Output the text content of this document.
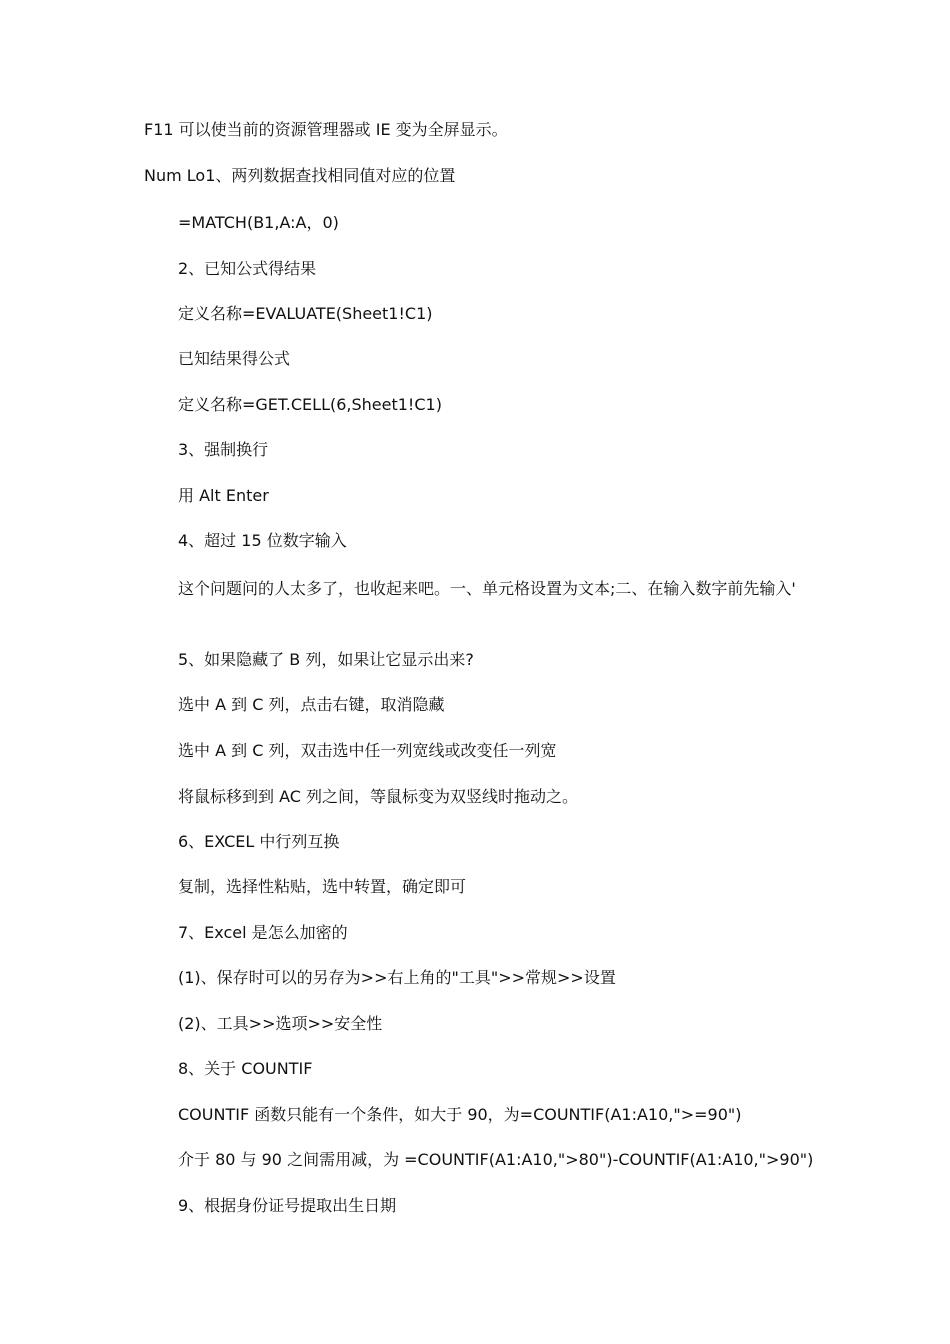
F11 可以使当前的资源管理器或 IE 变为全屏显示。

Num Lo1、两列数据查找相同值对应的位置

=MATCH(B1,A:A，0)

2、已知公式得结果

定义名称=EVALUATE(Sheet1!C1)

已知结果得公式

定义名称=GET.CELL(6,Sheet1!C1)

3、强制换行

用 Alt Enter

4、超过 15 位数字输入

这个问题问的人太多了，也收起来吧。一、单元格设置为文本;二、在输入数字前先输入'

5、如果隐藏了 B 列，如果让它显示出来?

选中 A 到 C 列，点击右键，取消隐藏

选中 A 到 C 列，双击选中任一列宽线或改变任一列宽

将鼠标移到到 AC 列之间，等鼠标变为双竖线时拖动之。

6、EXCEL 中行列互换

复制，选择性粘贴，选中转置，确定即可

7、Excel 是怎么加密的

(1)、保存时可以的另存为>>右上角的"工具">>常规>>设置

(2)、工具>>选项>>安全性

8、关于 COUNTIF

COUNTIF 函数只能有一个条件，如大于 90，为=COUNTIF(A1:A10,">=90")

介于 80 与 90 之间需用减，为 =COUNTIF(A1:A10,">80")-COUNTIF(A1:A10,">90")

9、根据身份证号提取出生日期
